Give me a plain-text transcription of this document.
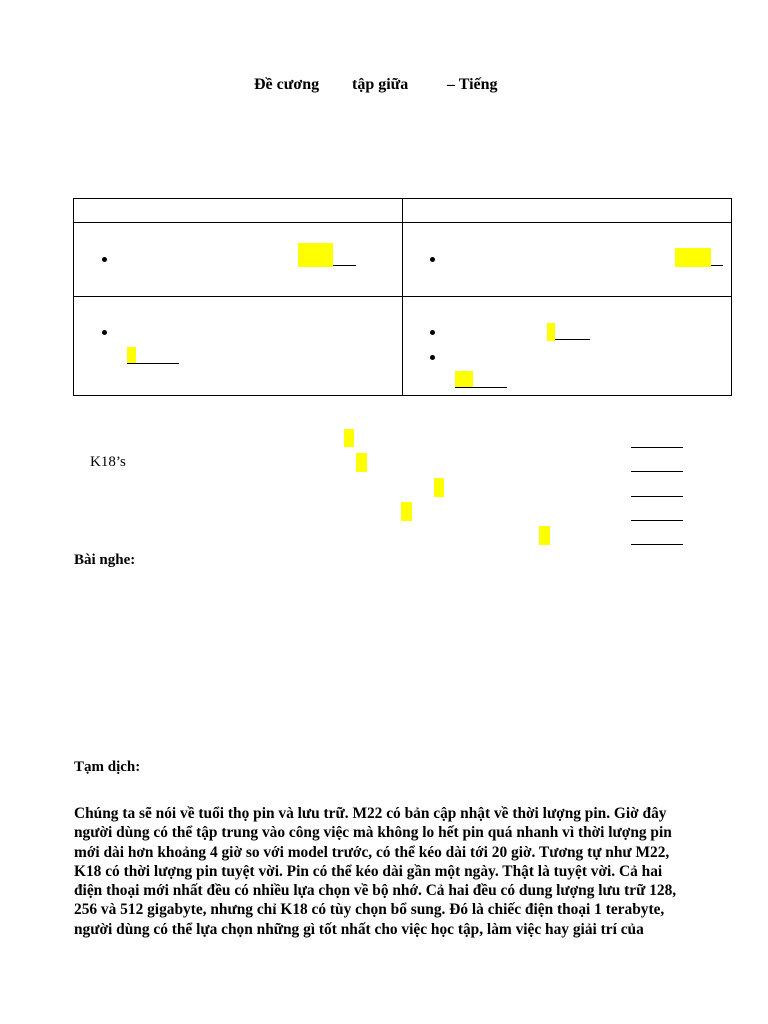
Đề cương tập giữa – Tiếng
K18’s
Bài nghe:
Tạm dịch:
Chúng ta sẽ nói về tuổi thọ pin và lưu trữ. M22 có bản cập nhật về thời lượng pin. Giờ đây
người dùng có thể tập trung vào công việc mà không lo hết pin quá nhanh vì thời lượng pin
mới dài hơn khoảng 4 giờ so với model trước, có thể kéo dài tới 20 giờ. Tương tự như M22,
K18 có thời lượng pin tuyệt vời. Pin có thể kéo dài gần một ngày. Thật là tuyệt vời. Cả hai
điện thoại mới nhất đều có nhiều lựa chọn về bộ nhớ. Cả hai đều có dung lượng lưu trữ 128,
256 và 512 gigabyte, nhưng chỉ K18 có tùy chọn bổ sung. Đó là chiếc điện thoại 1 terabyte,
người dùng có thể lựa chọn những gì tốt nhất cho việc học tập, làm việc hay giải trí của
